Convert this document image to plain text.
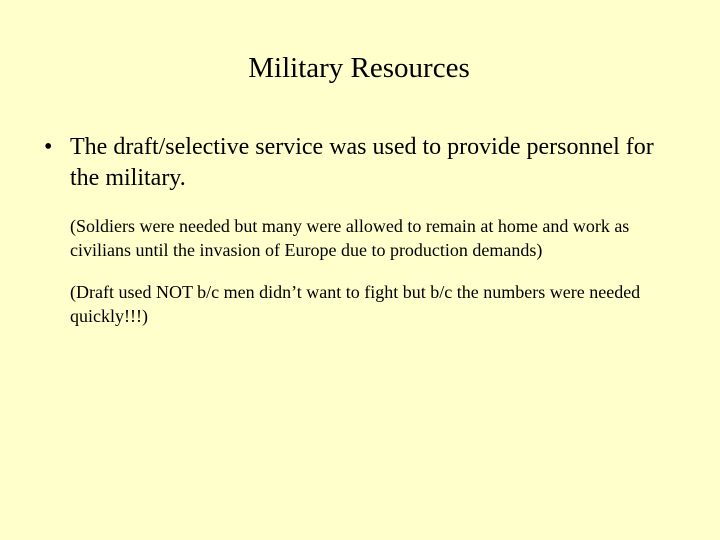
Military Resources
• The draft/selective service was used to provide personnel for the military.

(Soldiers were needed but many were allowed to remain at home and work as civilians until the invasion of Europe due to production demands)

(Draft used NOT b/c men didn’t want to fight but b/c the numbers were needed quickly!!!)
